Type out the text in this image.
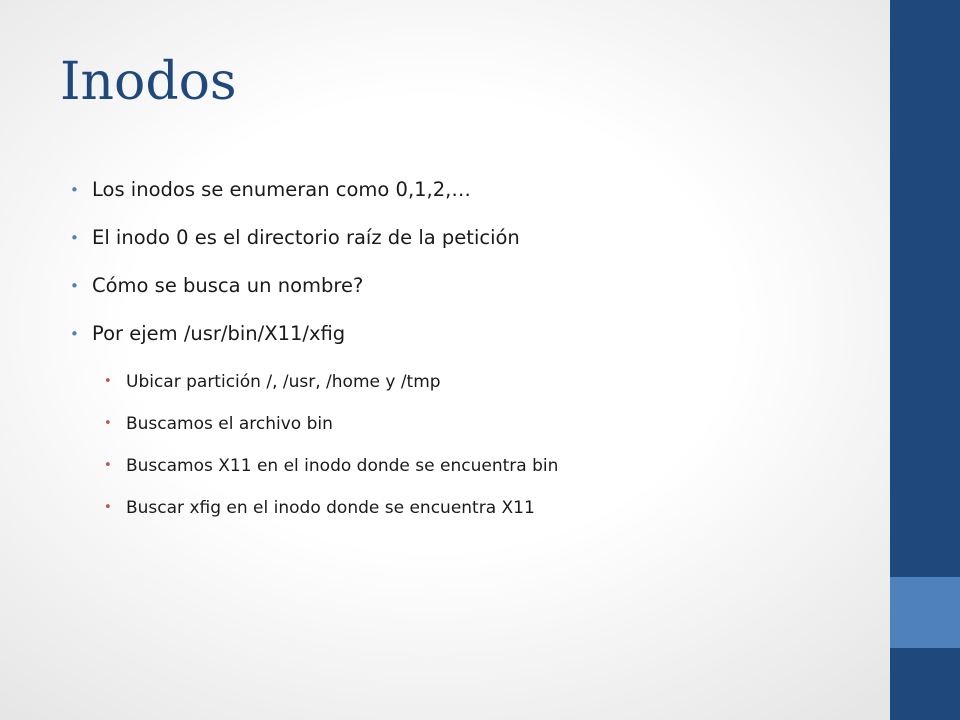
Inodos
• Los inodos se enumeran como 0,1,2,…
• El inodo 0 es el directorio raíz de la petición
• Cómo se busca un nombre?
• Por ejem /usr/bin/X11/xfig
• Ubicar partición /, /usr, /home y /tmp
• Buscamos el archivo bin
• Buscamos X11 en el inodo donde se encuentra bin
• Buscar xfig en el inodo donde se encuentra X11
